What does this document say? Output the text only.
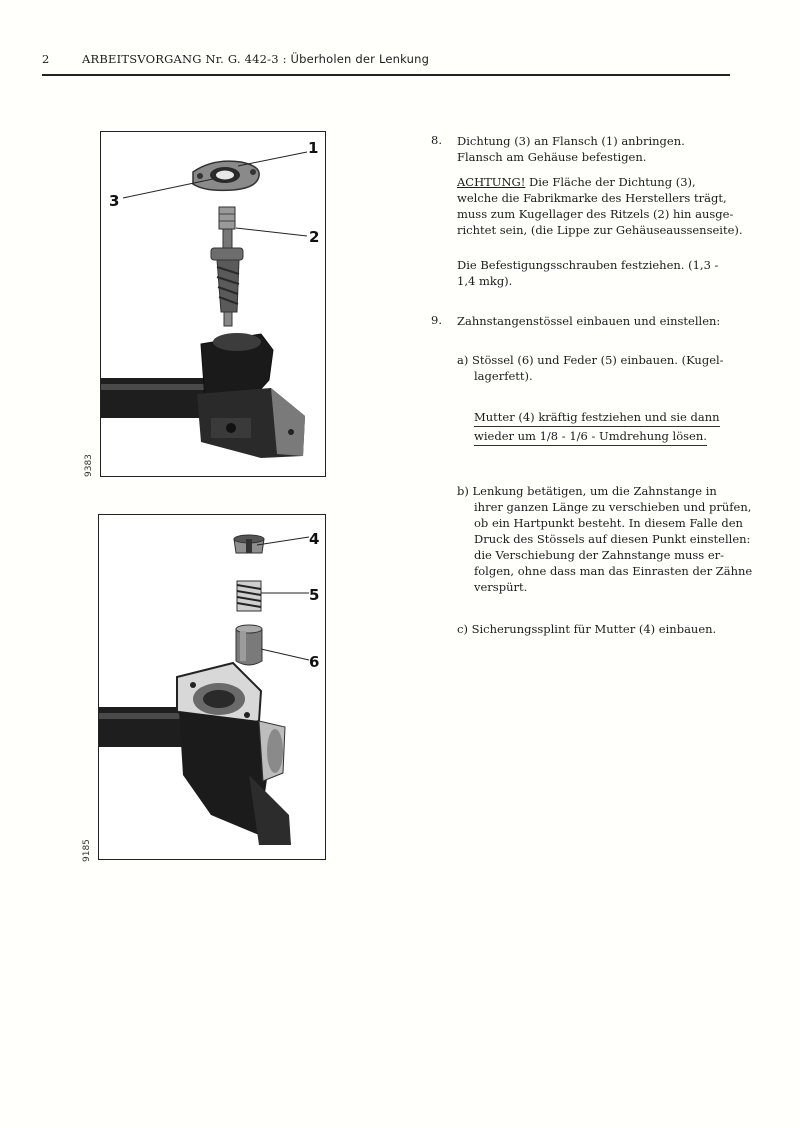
2	ARBEITSVORGANG Nr. G. 442-3 : Überholen der Lenkung
1
2
3
9383
4
5
6
9185
8. Dichtung (3) an Flansch (1) anbringen.

Flansch am Gehäuse befestigen.

ACHTUNG! Die Fläche der Dichtung (3),

welche die Fabrikmarke des Herstellers trägt,

muss zum Kugellager des Ritzels (2) hin ausge-

richtet sein, (die Lippe zur Gehäuseaussenseite).

Die Befestigungsschrauben festziehen. (1,3 -

1,4 mkg).

9. Zahnstangenstössel einbauen und einstellen:

a) Stössel (6) und Feder (5) einbauen. (Kugel-

lagerfett).

Mutter (4) kräftig festziehen und sie dann

wieder um 1/8 - 1/6 - Umdrehung lösen.

b) Lenkung betätigen, um die Zahnstange in

ihrer ganzen Länge zu verschieben und prüfen,

ob ein Hartpunkt besteht. In diesem Falle den

Druck des Stössels auf diesen Punkt einstellen:

die Verschiebung der Zahnstange muss er-

folgen, ohne dass man das Einrasten der Zähne

verspürt.

c) Sicherungssplint für Mutter (4) einbauen.
